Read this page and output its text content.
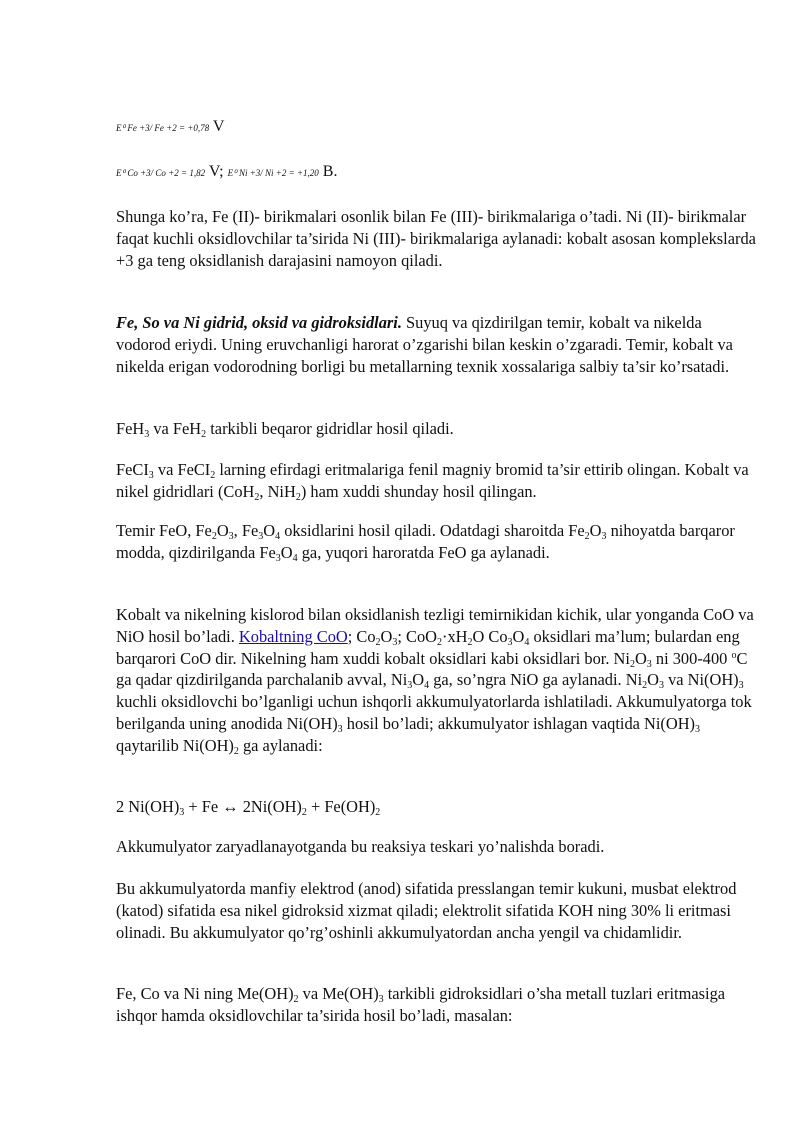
E⁰ Fe +3/ Fe +2 = +0,78 V
E⁰ Co +3/ Co +2 = 1,82 V; E⁰ Ni +3/ Ni +2 = +1,20 B.

Shunga ko’ra, Fe (II)- birikmalari osonlik bilan Fe (III)- birikmalariga o’tadi. Ni (II)- birikmalar faqat kuchli oksidlovchilar ta’sirida Ni (III)- birikmalariga aylanadi: kobalt asosan komplekslarda +3 ga teng oksidlanish darajasini namoyon qiladi.

Fe, So va Ni gidrid, oksid va gidroksidlari. Suyuq va qizdirilgan temir, kobalt va nikelda vodorod eriydi. Uning eruvchanligi harorat o’zgarishi bilan keskin o’zgaradi. Temir, kobalt va nikelda erigan vodorodning borligi bu metallarning texnik xossalariga salbiy ta’sir ko’rsatadi.

FeH$_3$ va FeH$_2$ tarkibli beqaror gidridlar hosil qiladi.

FeCI$_3$ va FeCI$_2$ larning efirdagi eritmalariga fenil magniy bromid ta’sir ettirib olingan. Kobalt va nikel gidridlari (CoH$_2$, NiH$_2$) ham xuddi shunday hosil qilingan.

Temir FeO, $Fe_2O_3$, $Fe_3O_4$ oksidlarini hosil qiladi. Odatdagi sharoitda $Fe_2O_3$ nihoyatda barqaror modda, qizdirilganda $Fe_3O_4$ ga, yuqori haroratda FeO ga aylanadi.

Kobalt va nikelning kislorod bilan oksidlanish tezligi temirnikidan kichik, ular yonganda CoO va NiO hosil bo’ladi. Kobaltning CoO; $Co_2O_3$; $CoO_2\cdot xH_2O$ $Co_3O_4$ oksidlari ma’lum; bulardan eng barqarori CoO dir. Nikelning ham xuddi kobalt oksidlari kabi oksidlari bor. $Ni_2O_3$ ni 300-400 $^o$C ga qadar qizdirilganda parchalanib avval, $Ni_3O_4$ ga, so’ngra NiO ga aylanadi. $Ni_2O_3$ va $Ni(OH)_3$ kuchli oksidlovchi bo’lganligi uchun ishqorli akkumulyatorlarda ishlatiladi. Akkumulyatorga tok berilganda uning anodida $Ni(OH)_3$ hosil bo’ladi; akkumulyator ishlagan vaqtida $Ni(OH)_3$ qaytarilib $Ni(OH)_2$ ga aylanadi:

2 $Ni(OH)_3 + Fe$ ↔ $2Ni(OH)_2 + Fe(OH)_2$

Akkumulyator zaryadlanayotganda bu reaksiya teskari yo’nalishda boradi.

Bu akkumulyatorda manfiy elektrod (anod) sifatida presslangan temir kukuni, musbat elektrod (katod) sifatida esa nikel gidroksid xizmat qiladi; elektrolit sifatida KOH ning 30% li eritmasi olinadi. Bu akkumulyator qo’rg’oshinli akkumulyatordan ancha yengil va chidamlidir.

Fe, Co va Ni ning $Me(OH)_2$ va $Me(OH)_3$ tarkibli gidroksidlari o’sha metall tuzlari eritmasiga ishqor hamda oksidlovchilar ta’sirida hosil bo’ladi, masalan:
